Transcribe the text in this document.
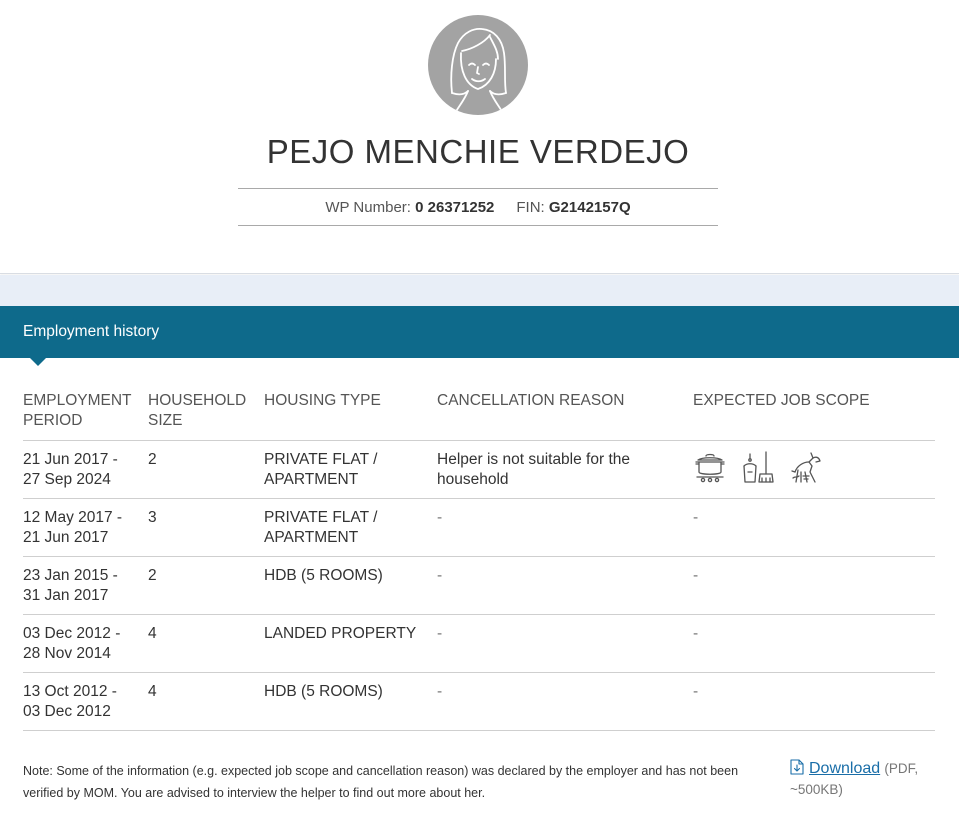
PEJO MENCHIE VERDEJO
WP Number: 0 26371252 FIN: G2142157Q
Employment history
EMPLOYMENT PERIOD	HOUSEHOLD SIZE	HOUSING TYPE	CANCELLATION REASON	EXPECTED JOB SCOPE
21 Jun 2017 -
27 Sep 2024	2	PRIVATE FLAT / APARTMENT	Helper is not suitable for the household	

12 May 2017 -
21 Jun 2017	3	PRIVATE FLAT / APARTMENT	-	-
23 Jan 2015 -
31 Jan 2017	2	HDB (5 ROOMS)	-	-
03 Dec 2012 -
28 Nov 2014	4	LANDED PROPERTY	-	-
13 Oct 2012 -
03 Dec 2012	4	HDB (5 ROOMS)	-	-
Note: Some of the information (e.g. expected job scope and cancellation reason) was declared by the employer and has not been verified by MOM. You are advised to interview the helper to find out more about her.
Download (PDF, ~500KB)
